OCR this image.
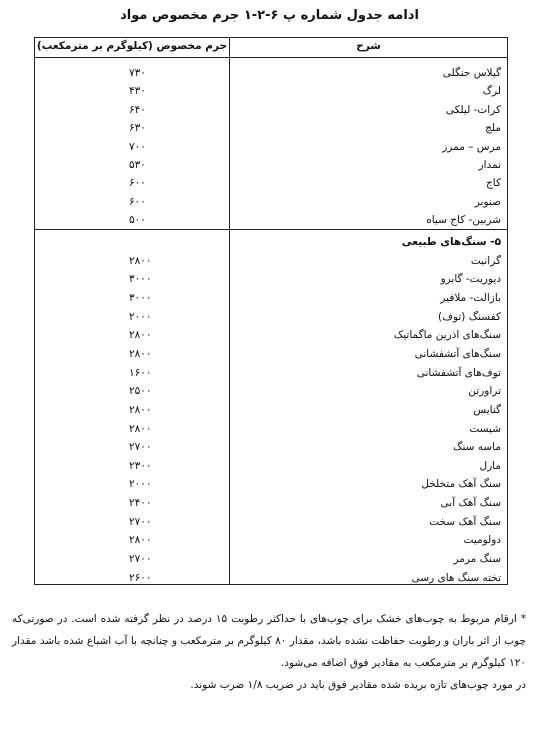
ادامه جدول شماره پ ۶-۲-۱ جرم مخصوص مواد
جرم مخصوص (کیلوگرم بر مترمکعب)	شرح
گیلاس جنگلی
۷۳۰
لرگ
۴۳۰
کرات- لیلکی
۶۴۰
ملچ
۶۳۰
مرس – ممرز
۷۰۰
نمدار
۵۳۰
کاج
۶۰۰
صنوبر
۶۰۰
شربین- کاج سیاه
۵۰۰
۵- سنگ‌های طبیعی
گرانیت
۲۸۰۰
دیوریت- گابرو
۳۰۰۰
بازالت- ملافیر
۳۰۰۰
کفسنگ (توف)
۲۰۰۰
سنگ‌های اذرین ماگماتیک
۲۸۰۰
سنگ‌های آتشفشانی
۲۸۰۰
توف‌های آتشفشانی
۱۶۰۰
تراورتن
۲۵۰۰
گنایس
۲۸۰۰
شیست
۲۸۰۰
ماسه سنگ
۲۷۰۰
مارل
۲۳۰۰
سنگ آهک متخلخل
۲۰۰۰
سنگ آهک آبی
۲۴۰۰
سنگ آهک سخت
۲۷۰۰
دولومیت
۲۸۰۰
سنگ مرمر
۲۷۰۰
تخته سنگ های رسی
۲۶۰۰
* ارقام مربوط به چوب‌های خشک برای چوب‌های با حداکثر رطوبت ۱۵ درصد در نظر گرفته شده است. در صورتی‌که چوب از اثر باران و رطوبت حفاظت نشده باشد، مقدار ۸۰ کیلوگرم بر مترمکعب و چنانچه با آب اشباع شده باشد مقدار ۱۲۰ کیلوگرم بر مترمکعب به مقادیر فوق اضافه می‌شود.
در مورد چوب‌های تازه بریده شده مقادیر فوق باید در ضریب ۱/۸ ضرب شوند.
